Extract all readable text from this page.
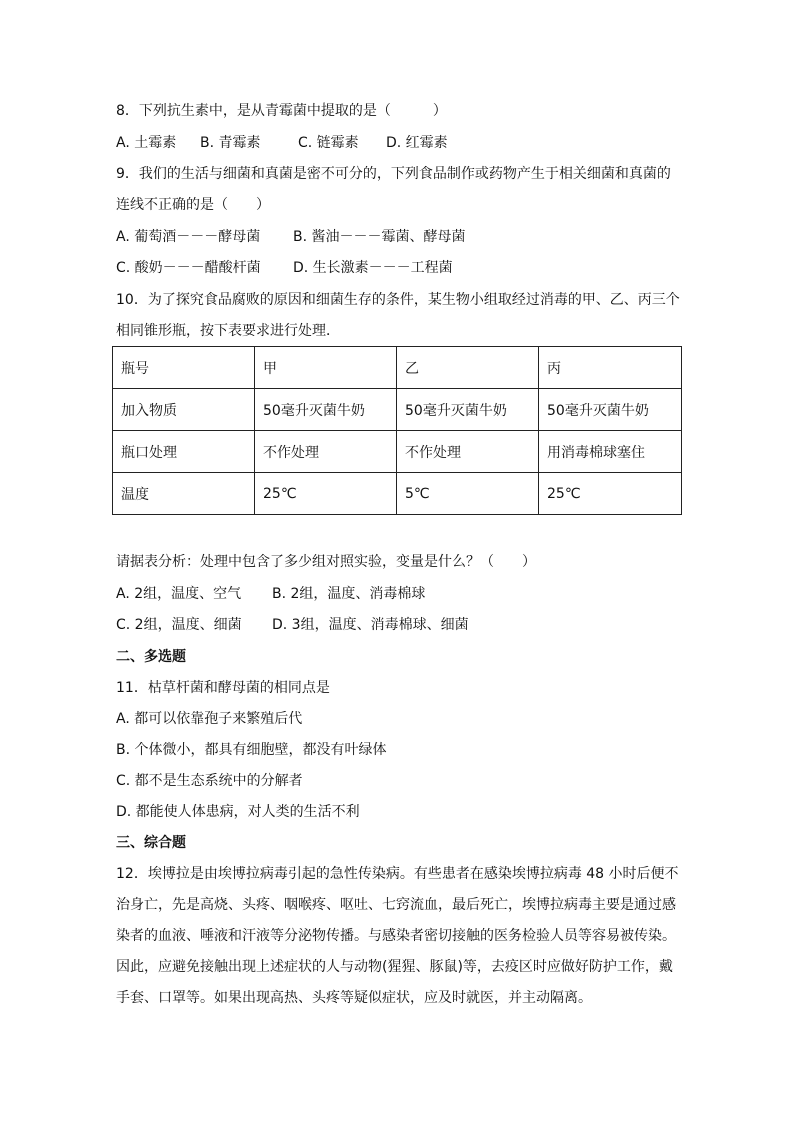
8．下列抗生素中，是从青霉菌中提取的是（　　　）
A. 土霉素 B. 青霉素	C. 链霉素 D. 红霉素
9．我们的生活与细菌和真菌是密不可分的，下列食品制作或药物产生于相关细菌和真菌的
连线不正确的是（　　）
A. 葡萄酒－－－酵母菌 B. 酱油－－－霉菌、酵母菌
C. 酸奶－－－醋酸杆菌 D. 生长激素－－－工程菌
10．为了探究食品腐败的原因和细菌生存的条件，某生物小组取经过消毒的甲、乙、丙三个
相同锥形瓶，按下表要求进行处理．
瓶号	甲	乙	丙
加入物质	50毫升灭菌牛奶	50毫升灭菌牛奶	50毫升灭菌牛奶
瓶口处理	不作处理	不作处理	用消毒棉球塞住
温度	25℃	5℃	25℃
请据表分析：处理中包含了多少组对照实验，变量是什么？（　　）
A. 2组，温度、空气 B. 2组，温度、消毒棉球
C. 2组，温度、细菌 D. 3组，温度、消毒棉球、细菌
二、多选题
11．枯草杆菌和酵母菌的相同点是
A. 都可以依靠孢子来繁殖后代
B. 个体微小，都具有细胞壁，都没有叶绿体
C. 都不是生态系统中的分解者
D. 都能使人体患病，对人类的生活不利
三、综合题
12．埃博拉是由埃博拉病毒引起的急性传染病。有些患者在感染埃博拉病毒 48 小时后便不
治身亡，先是高烧、头疼、咽喉疼、呕吐、七窍流血，最后死亡，埃博拉病毒主要是通过感
染者的血液、唾液和汗液等分泌物传播。与感染者密切接触的医务检验人员等容易被传染。
因此，应避免接触出现上述症状的人与动物(猩猩、豚鼠)等，去疫区时应做好防护工作，戴
手套、口罩等。如果出现高热、头疼等疑似症状，应及时就医，并主动隔离。
